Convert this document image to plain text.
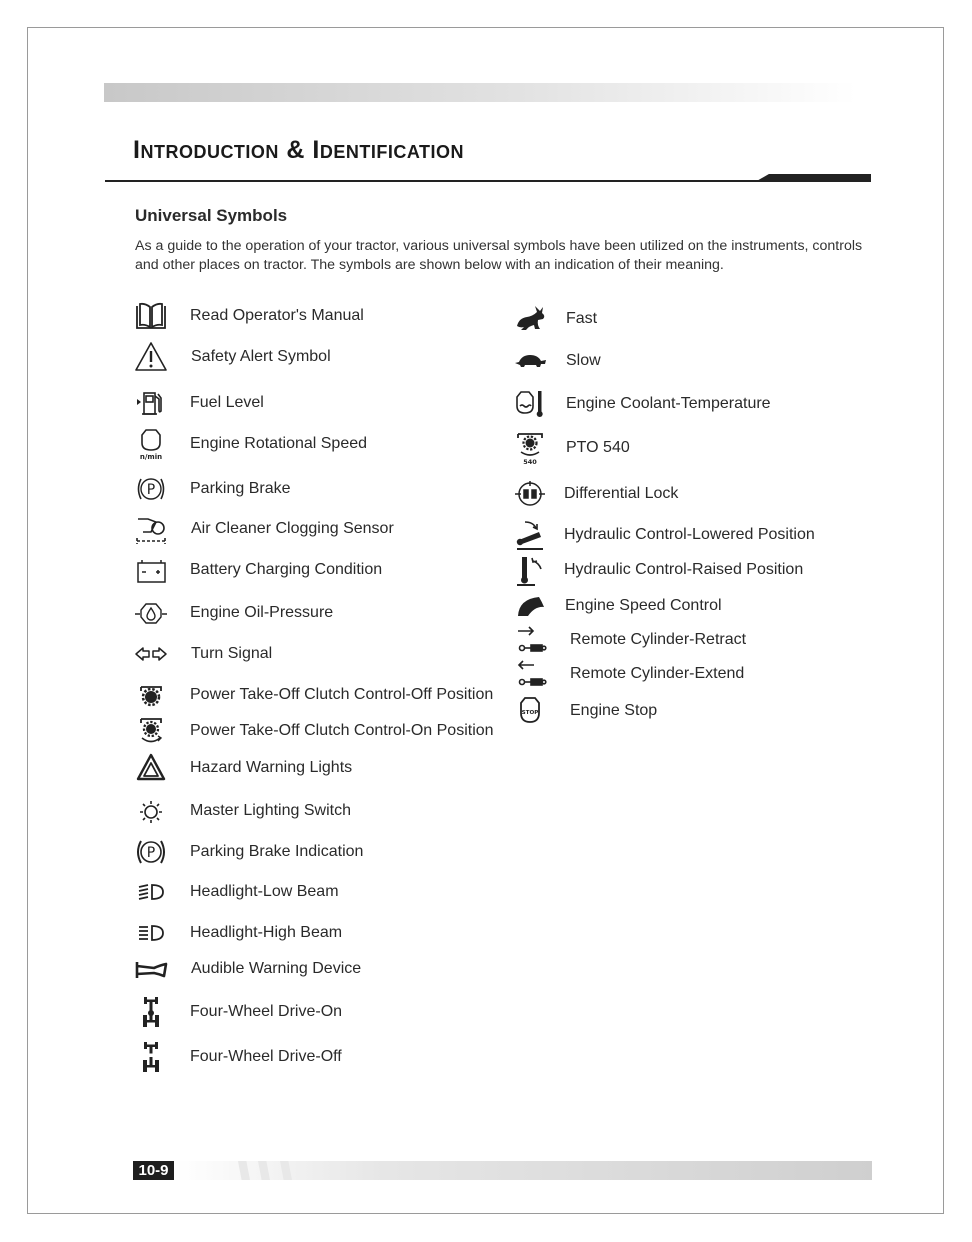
Introduction & Identification
Universal Symbols

As a guide to the operation of your tractor, various universal symbols have been utilized on the instruments, controls and other places on tractor. The symbols are shown below with an indication of their meaning.

Read Operator's Manual
Safety Alert Symbol
Fuel Level
n/min
Engine Rotational Speed
P Parking Brake
Air Cleaner Clogging Sensor
Battery Charging Condition
Engine Oil-Pressure
Turn Signal
Power Take-Off Clutch Control-Off Position
Power Take-Off Clutch Control-On Position
Hazard Warning Lights
Master Lighting Switch
P Parking Brake Indication
Headlight-Low Beam
Headlight-High Beam
Audible Warning Device
Four-Wheel Drive-On
Four-Wheel Drive-Off
Fast
Slow
Engine Coolant-Temperature
540
PTO 540
Differential Lock
Hydraulic Control-Lowered Position
Hydraulic Control-Raised Position
Engine Speed Control
Remote Cylinder-Retract
Remote Cylinder-Extend
STOP Engine Stop
10-9
